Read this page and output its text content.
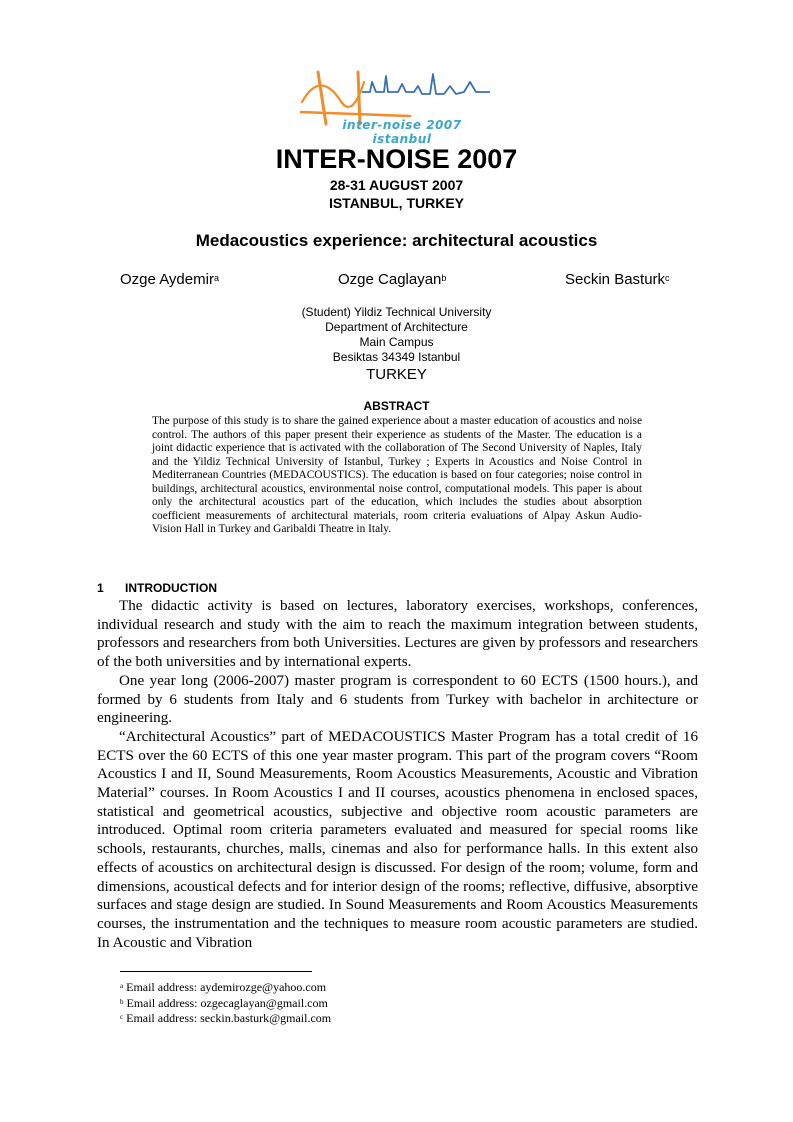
inter-noise 2007 istanbul
INTER-NOISE 2007
28-31 AUGUST 2007
ISTANBUL, TURKEY
Medacoustics experience: architectural acoustics
Ozge Aydemir$^a$	Ozge Caglayan$^b$	Seckin Basturk$^c$
(Student) Yildiz Technical University
Department of Architecture
Main Campus
Besiktas 34349 Istanbul
TURKEY
ABSTRACT
The purpose of this study is to share the gained experience about a master education of acoustics and noise control. The authors of this paper present their experience as students of the Master. The education is a joint didactic experience that is activated with the collaboration of The Second University of Naples, Italy and the Yildiz Technical University of Istanbul, Turkey ; Experts in Acoustics and Noise Control in Mediterranean Countries (MEDACOUSTICS). The education is based on four categories; noise control in buildings, architectural acoustics, environmental noise control, computational models. This paper is about only the architectural acoustics part of the education, which includes the studies about absorption coefficient measurements of architectural materials, room criteria evaluations of Alpay Askun Audio-Vision Hall in Turkey and Garibaldi Theatre in Italy.
1 INTRODUCTION

The didactic activity is based on lectures, laboratory exercises, workshops, conferences, individual research and study with the aim to reach the maximum integration between students, professors and researchers from both Universities. Lectures are given by professors and researchers of the both universities and by international experts.

One year long (2006-2007) master program is correspondent to 60 ECTS (1500 hours.), and formed by 6 students from Italy and 6 students from Turkey with bachelor in architecture or engineering.

“Architectural Acoustics” part of MEDACOUSTICS Master Program has a total credit of 16 ECTS over the 60 ECTS of this one year master program. This part of the program covers “Room Acoustics I and II, Sound Measurements, Room Acoustics Measurements, Acoustic and Vibration Material” courses. In Room Acoustics I and II courses, acoustics phenomena in enclosed spaces, statistical and geometrical acoustics, subjective and objective room acoustic parameters are introduced. Optimal room criteria parameters evaluated and measured for special rooms like schools, restaurants, churches, malls, cinemas and also for performance halls. In this extent also effects of acoustics on architectural design is discussed. For design of the room; volume, form and dimensions, acoustical defects and for interior design of the rooms; reflective, diffusive, absorptive surfaces and stage design are studied. In Sound Measurements and Room Acoustics Measurements courses, the instrumentation and the techniques to measure room acoustic parameters are studied. In Acoustic and Vibration

$^a$ Email address: aydemirozge@yahoo.com
$^b$ Email address: ozgecaglayan@gmail.com
$^c$ Email address: seckin.basturk@gmail.com
